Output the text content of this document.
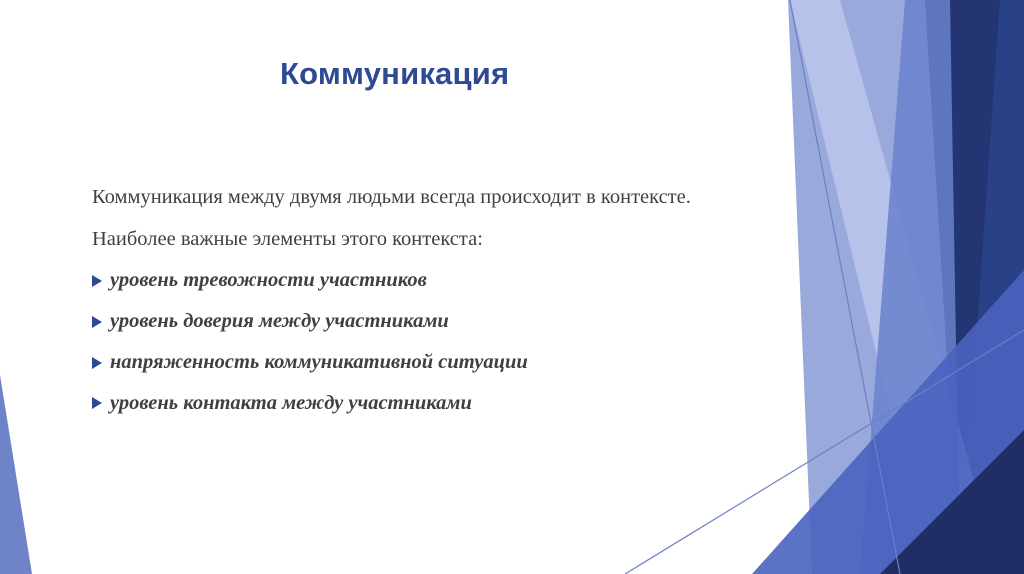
Коммуникация

Коммуникация между двумя людьми всегда происходит в контексте.

Наиболее важные элементы этого контекста:

уровень тревожности участников
уровень доверия между участниками
напряженность коммуникативной ситуации
уровень контакта между участниками
